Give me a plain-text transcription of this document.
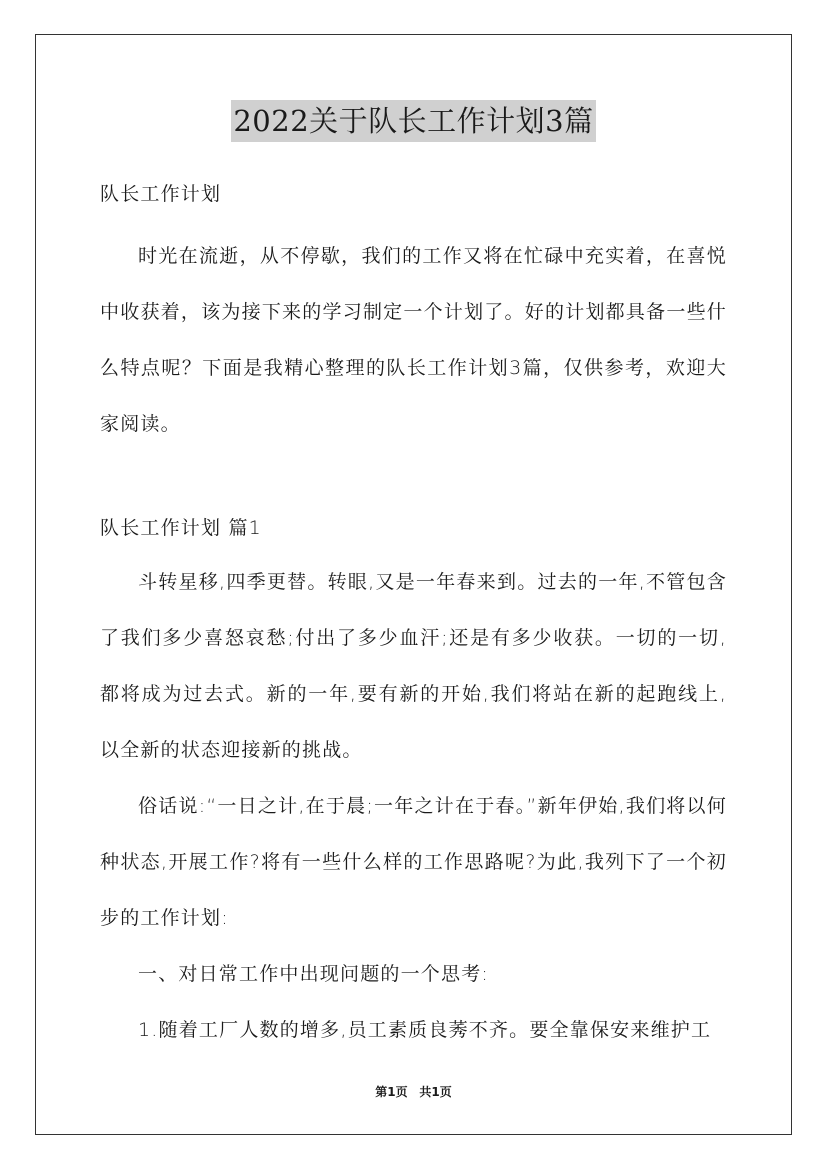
2022关于队长工作计划3篇

队长工作计划

时光在流逝，从不停歇，我们的工作又将在忙碌中充实着，在喜悦中收获着，该为接下来的学习制定一个计划了。好的计划都具备一些什么特点呢？下面是我精心整理的队长工作计划3篇，仅供参考，欢迎大家阅读。

队长工作计划 篇1

斗转星移,四季更替。转眼,又是一年春来到。过去的一年,不管包含了我们多少喜怒哀愁;付出了多少血汗;还是有多少收获。一切的一切,都将成为过去式。新的一年,要有新的开始,我们将站在新的起跑线上,以全新的状态迎接新的挑战。

俗话说:“一日之计,在于晨;一年之计在于春。”新年伊始,我们将以何种状态,开展工作?将有一些什么样的工作思路呢?为此,我列下了一个初步的工作计划:

一、对日常工作中出现问题的一个思考:

1.随着工厂人数的增多,员工素质良莠不齐。要全靠保安来维护工

第1页 共1页
